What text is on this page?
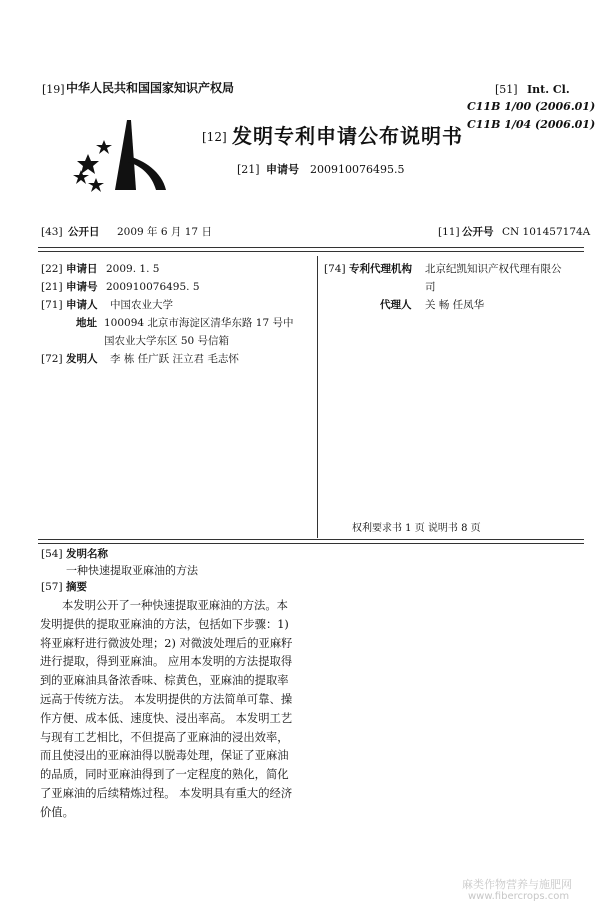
[19] 中华人民共和国国家知识产权局
[12] 发明专利申请公布说明书
[21] 申请号 200910076495.5
[51] Int. Cl.
C11B 1/00 (2006.01)
C11B 1/04 (2006.01)
[43] 公开日 2009 年 6 月 17 日	[11] 公开号 CN 101457174A
[22] 申请日 2009. 1. 5
[21] 申请号 200910076495. 5
[71] 申请人 中国农业大学
地址 100094 北京市海淀区清华东路 17 号中
国农业大学东区 50 号信箱
[72] 发明人 李 栋 任广跃 汪立君 毛志怀
[74] 专利代理机构 北京纪凯知识产权代理有限公
司
代理人 关 畅 任凤华
权利要求书 1 页 说明书 8 页
[54] 发明名称
一种快速提取亚麻油的方法
[57] 摘要
本发明公开了一种快速提取亚麻油的方法。本
发明提供的提取亚麻油的方法，包括如下步骤：1)
将亚麻籽进行微波处理；2) 对微波处理后的亚麻籽
进行提取，得到亚麻油。 应用本发明的方法提取得
到的亚麻油具备浓香味、棕黄色，亚麻油的提取率
远高于传统方法。 本发明提供的方法简单可靠、操
作方便、成本低、速度快、浸出率高。 本发明工艺
与现有工艺相比，不但提高了亚麻油的浸出效率，
而且使浸出的亚麻油得以脱毒处理，保证了亚麻油
的品质，同时亚麻油得到了一定程度的熟化，简化
了亚麻油的后续精炼过程。 本发明具有重大的经济
价值。
麻类作物营养与施肥网
www.fibercrops.com
